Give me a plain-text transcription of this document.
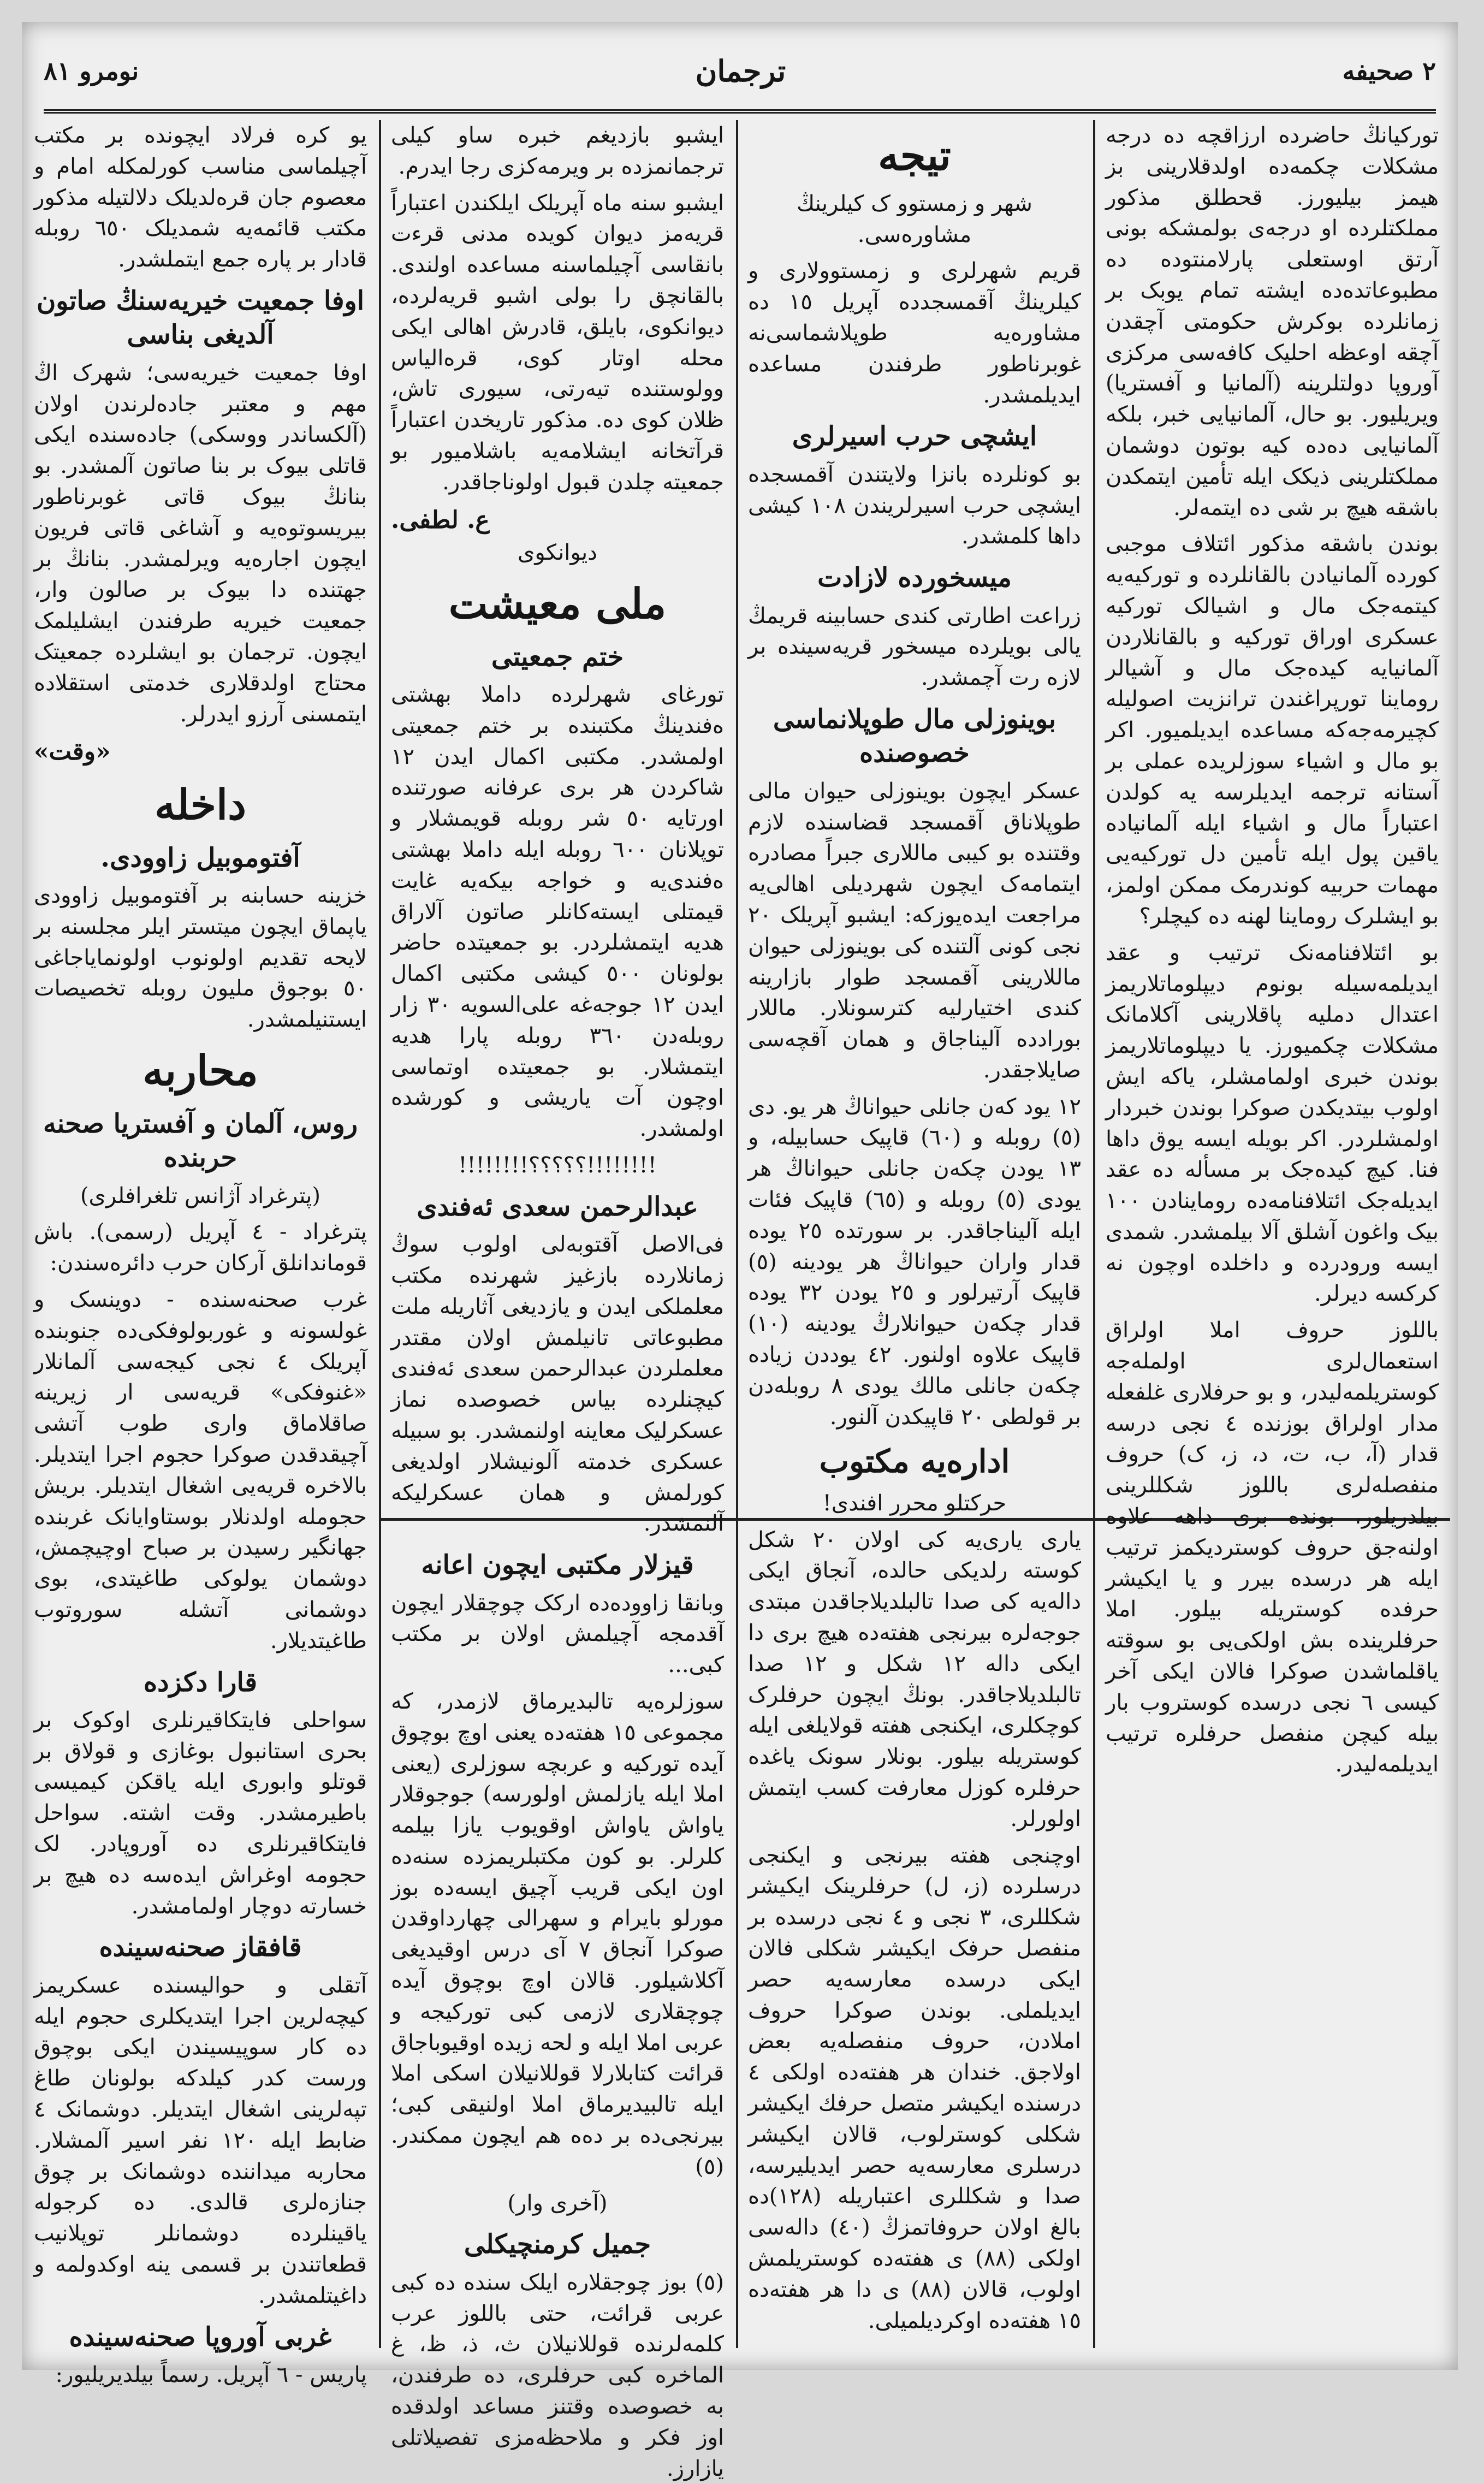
نومرو ٨١	ترجمان	٢ صحيفه

تورکیانڭ حاضرده ارزاقچه ده درجه مشکلات چکمه‌ده اولدقلارینی بز هیمز بیلیورز. قحطلق مذکور مملکتلرده او درجه‌ی بولمشکه بونی آرتق اوستعلی پارلامنتوده ده مطبوعاتده‌ده ایشته تمام یوبک بر زمانلرده بوکرش حکومتی آچقدن آچقه اوعظه احلیک کافه‌سی مرکزی آوروپا دولتلرینه (آلمانیا و آفستریا) ویریلیور. بو حال، آلمانیایی خبر، بلکه آلمانیایی ده‌ده کیه بوتون دوشمان مملکتلرینی ذیکک ایله تأمین ایتمکدن باشقه هیچ بر شی ده ایتمه‌لر.

بوندن باشقه مذکور ائتلاف موجبی کورده آلمانیادن بالقانلرده و تورکیه‌یه کیتمه‌جک مال و اشیالک تورکیه عسکری اوراق تورکیه و بالقانلاردن آلمانیایه کیده‌جک مال و آشیالر روماینا تورپراغندن ترانزیت اصولیله کچیرمه‌جه‌که مساعده ایدیلمیور. اکر بو مال و اشیاء سوزلریده عملی بر آستانه ترجمه ایدیلرسه یه کولدن اعتباراً مال و اشیاء ایله آلمانیاده یاقین پول ایله تأمین دل تورکیه‌یی مهمات حربیه کوندرمک ممکن اولمز، بو ایشلرک روماینا لهنه ده کیچلر؟

بو ائتلافنامه‌نک ترتیب و عقد ایدیلمه‌سیله بونوم دیپلوماتلاریمز اعتدال دملیه پاقلارینی آکلامانک مشکلات چکمیورز. یا دیپلوماتلاریمز بوندن خبری اولمامشلر، یاکه ایش اولوب بیتدیکدن صوکرا بوندن خبردار اولمشلردر. اکر بویله ایسه یوق داها فنا. کیچ کیده‌جک بر مسأله ده عقد ایدیله‌جک ائتلافنامه‌ده روماینادن ١٠٠ بیک واغون آشلق آلا بیلمشدر. شمدی ایسه ورودرده و داخلده اوچون نه کرکسه دیرلر.

باللوز حروف املا اولراق استعمال‌لری اولمله‌جه کوستریلمه‌لیدر، و بو حرفلاری غلفعله مدار اولراق بوزنده ٤ نجی درسه قدار (آ، ب، ت، د، ز، ک) حروف منفصله‌لری باللوز شکللرینی بیلدریلور، بونده بری داهه علاوه اولنه‌جق حروف کوستردیکمز ترتیب ایله هر درسده بیرر و یا ایکیشر حرفده کوستریله بیلور. املا حرفلرینده بش اولکی‌یی بو سوقته یاقلماشدن صوکرا فالان ایکی آخر کیسی ٦ نجی درسده کوستروب بار بیله کیچن منفصل حرفلره ترتیب ایدیلمه‌لیدر.

تیجه
شهر و زمستوو ک کیلرینڭ مشاوره‌سی.

قریم شهرلری و زمستوولاری و کیلرینڭ آقمسجدده آپریل ١٥ ده مشاوره‌یه طوپلاشماسی‌نه غوبرناطور طرفندن مساعده ایدیلمشدر.

ایشچی حرب اسیرلری

بو کونلرده بانزا ولایتندن آقمسجده ایشچی حرب اسیرلریندن ١٠٨ کیشی داها کلمشدر.

میسخورده لازادت

زراعت اطارتی کندی حسابینه قریمڭ یالی بویلرده میسخور قریه‌سینده بر لازه رت آچمشدر.

بوینوزلی مال طوپلانماسی خصوصنده

عسکر ایچون بوینوزلی حیوان مالی طوپلاناق آقمسجد قضاسنده لازم وقتنده بو کیبی ماللاری جبراً مصادره ایتمامه‌ک ایچون شهردیلی اهالی‌یه مراجعت ایده‌یوزکه: ایشبو آپریلک ٢٠ نجی کونی آلتنده کی بوینوزلی حیوان ماللارینی آقمسجد طوار بازارینه کندی اختیارلیه کترسونلار. ماللار بورادده آلیناجاق و همان آقچه‌سی صایلاجقدر.

١٢ یود که‌ن جانلی حیواناڭ هر یو. دی (٥) روبله و (٦٠) قاپیک حسابیله، و ١٣ یودن چکه‌ن جانلی حیواناڭ هر یودی (٥) روبله و (٦٥) قاپیک فئات ایله آلیناجاقدر. بر سورتده ٢٥ یوده قدار واران حیواناڭ هر یودینه (٥) قاپیک آرتیرلور و ٢٥ یودن ٣٢ یوده قدار چکه‌ن حیوانلارڭ یودینه (١٠) قاپیک علاوه اولنور. ٤٢ یوددن زیاده چکه‌ن جانلی مالك یودی ٨ روبله‌دن بر قولطی ٢٠ قاپیکدن آلنور.

اداره‌یه مکتوب
حرکتلو محرر افندی!

یاری یاری‌یه کی اولان ٢٠ شکل کوسته رلدیکی حالده، آنجاق ایکی داله‌یه کی صدا تالبلدیلاجاقدن مبتدی جوجه‌لره بیرنجی هفته‌ده هیچ بری دا ایکی داله ١٢ شکل و ١٢ صدا تالبلدیلاجاقدر. بونڭ ایچون حرفلرک کوچکلری، ایکنجی هفته قولایلغی ایله کوستریله بیلور. بونلار سونک یاغده حرفلره کوزل معارفت کسب ایتمش اولورلر.

اوچنجی هفته بیرنجی و ایکنجی درسلرده (ز، ل) حرفلرینک ایکیشر شکللری، ۳ نجی و ٤ نجی درسده بر منفصل حرفک ایکیشر شکلی فالان ایکی درسده معارسه‌یه حصر ایدیلملی. بوندن صوکرا حروف املادن، حروف منفصله‌یه بعض اولاجق. خندان هر هفته‌ده اولکی ٤ درسنده ایکیشر متصل حرفك ایکیشر شکلی کوسترلوب، قالان ایکیشر درسلری معارسه‌یه حصر ایدیلیرسه، صدا و شکللری اعتباریله (١٢٨)ده بالغ اولان حروفاتمزڭ (٤٠) داله‌سی اولکی (٨٨) ی هفته‌ده کوستریلمش اولوب، قالان (٨٨) ی دا هر هفته‌ده ١٥ هفته‌ده اوکردیلمیلی.

ایشبو بازدیغم خبره ساو کیلی ترجمانمزده بر ویرمه‌کزی رجا ایدرم.

ایشبو سنه ماه آپریلک ایلکندن اعتباراً قریه‌مز دیوان کویده مدنی قرءت بانقاسی آچیلماسنه مساعده اولندی. بالقانچق را بولی اشبو قریه‌لرده، دیوانکوی، بایلق، قادرش اهالی ایکی محله اوتار کوی، قره‌الیاس وولوستنده تیه‌رتی، سیوری تاش، ظلان کوی ده. مذکور تاریخدن اعتباراً قرآتخانه ایشلامه‌یه باشلامیور بو جمعیته چلدن قبول اولوناجاقدر.

ع. لطفی.
دیوانکوی
ملی معیشت
ختم جمعیتی

تورغای شهرلرده داملا بهشتی ه‌فندینڭ مکتبنده بر ختم جمعیتی اولمشدر. مکتبی اکمال ایدن ١٢ شاکردن هر بری عرفانه صورتنده اورتایه ٥٠ شر روبله قویمشلار و توپلانان ٦٠٠ روبله ایله داملا بهشتی ه‌فندی‌یه و خواجه بیکه‌یه غایت قیمتلی ایسته‌کانلر صاتون آلاراق هدیه ایتمشلردر. بو جمعیتده حاضر بولونان ٥٠٠ کیشی مکتبی اکمال ایدن ١٢ جوجه‌غه علی‌السویه ٣٠ زار روبله‌دن ٣٦٠ روبله پارا هدیه ایتمشلار. بو جمعیتده اوتماسی اوچون آت یاریشی و کورشده اولمشدر.

!!!!!!!!؟؟؟؟؟!!!!!!!!
عبدالرحمن سعدی ئه‌فندی

فی‌الاصل آقتوبه‌لی اولوب سوڭ زمانلارده بازغیز شهرنده مکتب معلملکی ایدن و یازدیغی آثاریله ملت مطبوعاتی تانیلمش اولان مقتدر معلملردن عبدالرحمن سعدی ئه‌فندی کیچنلرده بیاس خصوصده نماز عسکرلیک معاینه اولنمشدر. بو سبیله عسکری خدمته آلونیشلار اولدیغی کورلمش و همان عسکرلیکه آلنمشدر.

قیزلار مکتبی ایچون اعانه

وبانقا زاووده‌ده ارکک چوچقلار ایچون آقدمجه آچیلمش اولان بر مکتب کبی...

سوزلره‌یه تالبدیرماق لازمدر، که مجموعی ١٥ هفته‌ده یعنی اوچ بوچوق آیده تورکیه و عربچه سوزلری (یعنی املا ایله یازلمش اولورسه) جوجوقلار یاواش یاواش اوقویوب یازا بیلمه کلرلر. بو کون مکتبلریمزده سنه‌ده اون ایکی قریب آچیق ایسه‌ده بوز مورلو بایرام و سهرالی چهارداوقدن صوکرا آنجاق ٧ آی درس اوقیدیغی آکلاشیلور. قالان اوچ بوچوق آیده چوچقلاری لازمی کبی تورکیجه و عربی املا ایله و لحه زیده اوقیوباجاق قرائت کتابلارلا قوللانیلان اسکی املا ایله تالبیدیرماق املا اولنیقی کبی؛ بیرنجی‌ده بر ده‌ه هم ایچون ممکندر. (٥)

(آخری وار)
جمیل کرمنچیکلی

(٥) بوز چوجقلاره ایلک سنده ده کبی عربی قرائت، حتی باللوز عرب کلمه‌لرنده قوللانیلان ث، ذ، ظ، غ الماخره کبی حرفلری، ده طرفندن، به خصوصده وقتنز مساعد اولدقده اوز فکر و ملاحظه‌مزی تفصیلاتلی یازارز.

یو کره فرلاد ایچونده بر مکتب آچیلماسی مناسب کورلمکله امام و معصوم جان قره‌لدیلک دلالتیله مذکور مکتب قائمه‌یه شمدیلک ٦٥٠ روبله قادار بر پاره جمع ایتملشدر.

اوفا جمعیت خیریه‌سنڭ صاتون آلدیغی بناسی

اوفا جمعیت خیریه‌سی؛ شهرک اڭ مهم و معتبر جاده‌لرندن اولان (آلکساندر ووسکی) جاده‌سنده ایکی قاتلی بیوک بر بنا صاتون آلمشدر. بو بنانڭ بیوک قاتی غوبرناطور بیریسوتوه‌یه و آشاغی قاتی فریون ایچون اجاره‌یه ویرلمشدر. بنانڭ بر جهتنده دا بیوک بر صالون وار، جمعیت خیریه طرفندن ایشلیلمک ایچون. ترجمان بو ایشلرده جمعیتک محتاج اولدقلاری خدمتی استقلاده ایتمسنی آرزو ایدرلر.

«وقت»
داخله
آفتوموبیل زاوودی.

خزینه حسابنه بر آفتوموبیل زاوودی یاپماق ایچون میتستر ایلر مجلسنه بر لایحه تقدیم اولونوب اولونمایاجاغی ٥٠ بوجوق ملیون روبله تخصیصات ایستنیلمشدر.

محاربه
روس، آلمان و آفستریا صحنه حربنده
(پترغراد آژانس تلغرافلری)

پترغراد - ٤ آپریل (رسمی). باش قوماندانلق آرکان حرب دائره‌سندن:

غرب صحنه‌سنده - دوینسک و غولسونه و غوربولوفکی‌ده جنوبنده آپریلک ٤ نجی کیجه‌سی آلمانلار «غنوفکی» قریه‌سی ار زیرینه صاقلاماق واری طوب آتشی آچیقدقدن صوکرا حجوم اجرا ایتدیلر. بالاخره قریه‌یی اشغال ایتدیلر. بریش حجومله اولدنلار بوستاوایانک غربنده جهانگیر رسیدن بر صباح اوچیچمش، دوشمان یولوکی طاغیتدی، بوی دوشمانی آتشله سوروتوب طاغیتدیلار.

قارا دکزده

سواحلی فایتکاقیرنلری اوکوک بر بحری استانبول بوغازی و قولاق بر قوتلو وابوری ایله یاقکن کیمیسی باطیرمشدر. وقت اشته. سواحل فایتکاقیرنلری ده آوروپادر. لک حجومه اوغراش ایده‌سه ده هیچ بر خسارته دوچار اولمامشدر.

قافقاز صحنه‌سینده

آتقلی و حوالیسنده عسکریمز کیچه‌لرین اجرا ایتدیکلری حجوم ایله ده کار سوپیسیندن ایکی بوچوق ورست کدر کیلدکه بولونان طاغ تپه‌لرینی اشغال ایتدیلر. دوشمانک ٤ ضابط ایله ١٢٠ نفر اسیر آلمشلار. محاربه میداننده دوشمانک بر چوق جنازه‌لری قالدی. ده کرجوله یاقینلرده دوشمانلر توپلانیب قطعاتندن بر قسمی ینه اوکدولمه و داغیتلمشدر.

غربی آوروپا صحنه‌سینده

پاریس - ٦ آپریل. رسماً بیلدیریلیور:
